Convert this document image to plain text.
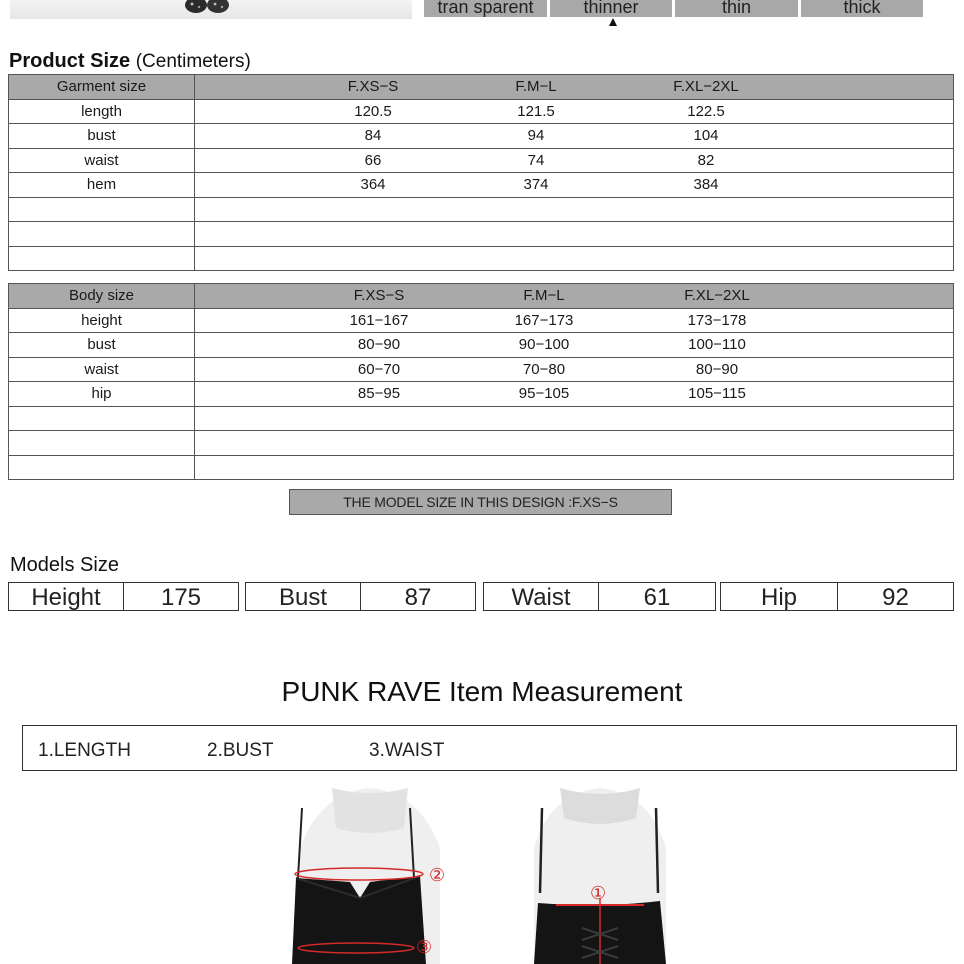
tran sparent	thinner	thin	thick
Product Size (Centimeters)
Garment size	F.XS−S F.M−L F.XL−2XL

length	120.5 121.5 122.5

bust	84 94 104

waist	66 74 82

hem	364 374 384

Body size	F.XS−S F.M−L F.XL−2XL

height	161−167 167−173 173−178

bust	80−90 90−100 100−110

waist	60−70 70−80 80−90

hip	85−95 95−105 105−115

THE MODEL SIZE IN THIS DESIGN :F.XS−S
Models Size
Height	175	Bust	87	Waist	61	Hip	92
PUNK RAVE Item Measurement
1.LENGTH	2.BUST	3.WAIST
②
③
①
